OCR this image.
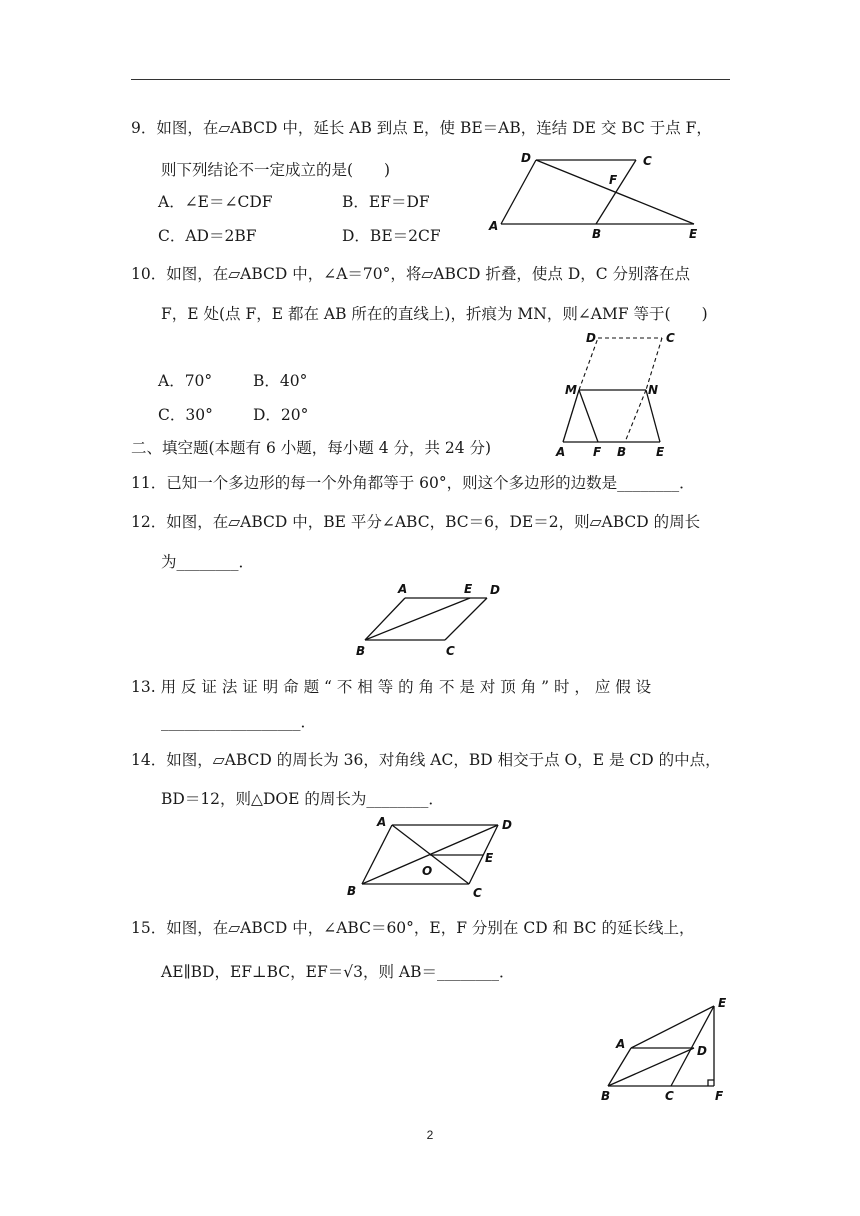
9．如图，在▱ABCD 中，延长 AB 到点 E，使 BE＝AB，连结 DE 交 BC 于点 F，
则下列结论不一定成立的是(　　)
A．∠E＝∠CDF	B．EF＝DF
C．AD＝2BF	D．BE＝2CF
D	C
F
A
B	E
10．如图，在▱ABCD 中，∠A＝70°，将▱ABCD 折叠，使点 D，C 分别落在点
F，E 处(点 F，E 都在 AB 所在的直线上)，折痕为 MN，则∠AMF 等于(　　)
A．70°	B．40°
C．30°	D．20°
D	C
M	N
A F B E
二、填空题(本题有 6 小题，每小题 4 分，共 24 分)
11．已知一个多边形的每一个外角都等于 60°，则这个多边形的边数是________．
12．如图，在▱ABCD 中，BE 平分∠ABC，BC＝6，DE＝2，则▱ABCD 的周长
为________．
A	E D
B	C
13. 用 反 证 法 证 明 命 题 “ 不 相 等 的 角 不 是 对 顶 角 ” 时 ， 应 假 设
__________________．
14．如图，▱ABCD 的周长为 36，对角线 AC，BD 相交于点 O，E 是 CD 的中点，
BD＝12，则△DOE 的周长为________．
A	D
E
O
B	C
15．如图，在▱ABCD 中，∠ABC＝60°，E，F 分别在 CD 和 BC 的延长线上，
AE∥BD，EF⊥BC，EF＝√3，则 AB＝________．
E
A	D
B	C	F
2
